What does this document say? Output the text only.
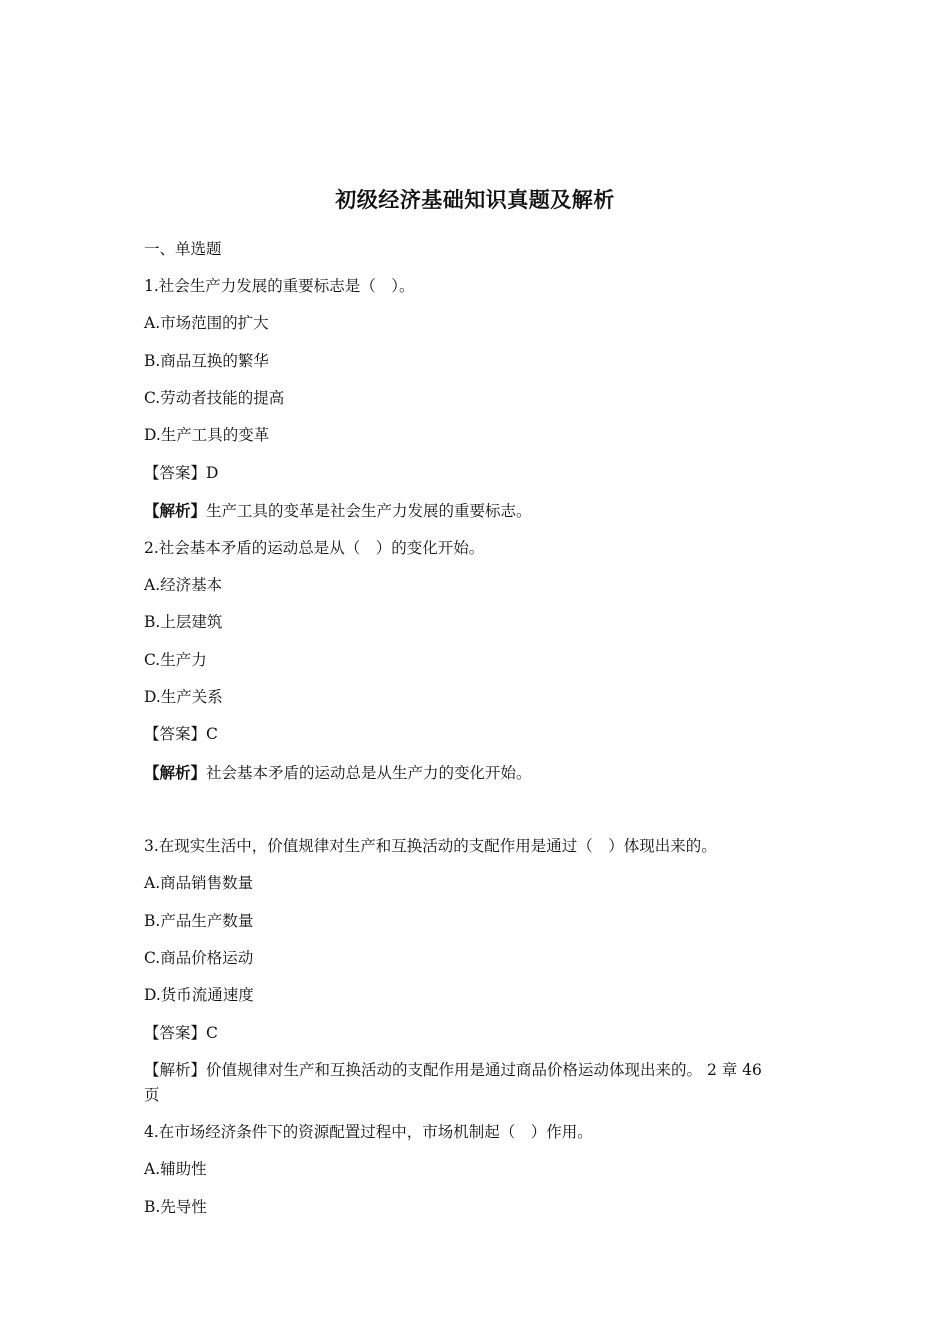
初级经济基础知识真题及解析
一、单选题
1.社会生产力发展的重要标志是（　）。
A.市场范围的扩大
B.商品互换的繁华
C.劳动者技能的提高
D.生产工具的变革
【答案】D
【解析】生产工具的变革是社会生产力发展的重要标志。
2.社会基本矛盾的运动总是从（　）的变化开始。
A.经济基本
B.上层建筑
C.生产力
D.生产关系
【答案】C
【解析】社会基本矛盾的运动总是从生产力的变化开始。
3.在现实生活中，价值规律对生产和互换活动的支配作用是通过（　）体现出来的。
A.商品销售数量
B.产品生产数量
C.商品价格运动
D.货币流通速度
【答案】C
【解析】价值规律对生产和互换活动的支配作用是通过商品价格运动体现出来的。 2 章 46
页
4.在市场经济条件下的资源配置过程中，市场机制起（　）作用。
A.辅助性
B.先导性
